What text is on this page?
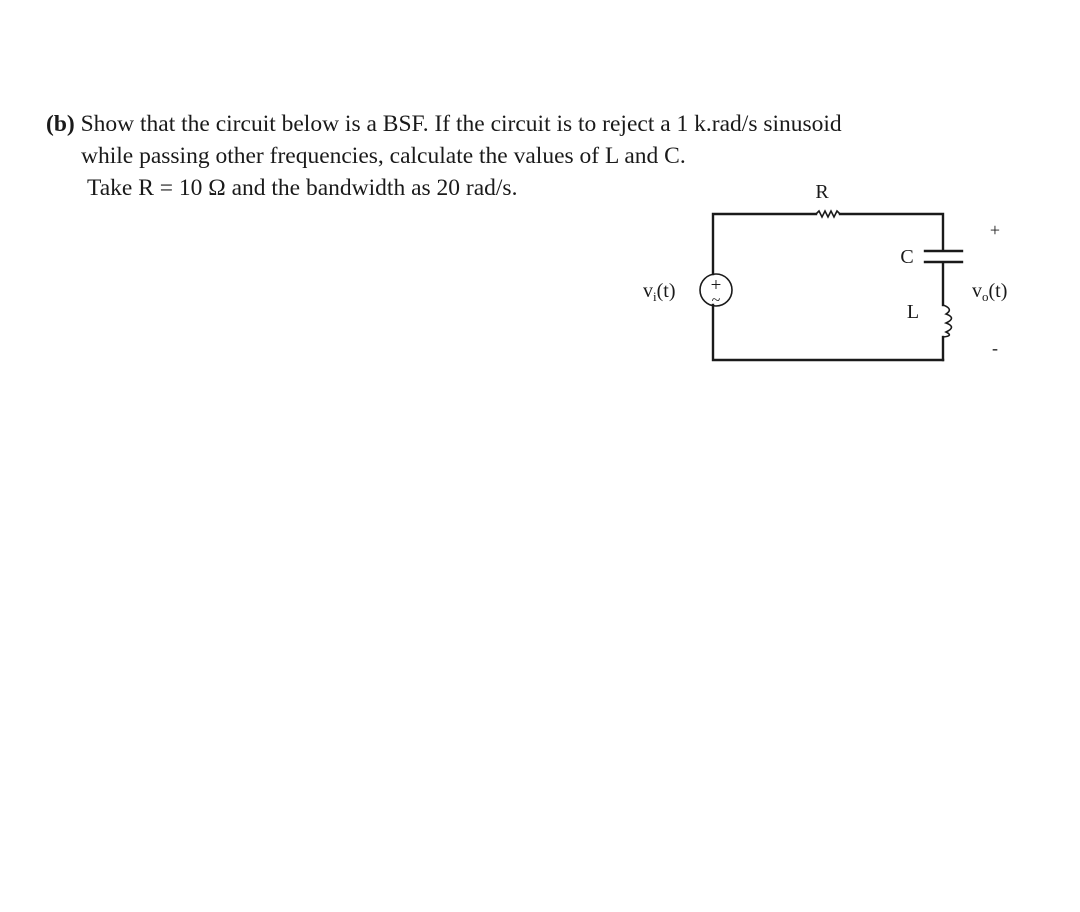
(b) Show that the circuit below is a BSF. If the circuit is to reject a 1 k.rad/s sinusoid
while passing other frequencies, calculate the values of L and C.
Take R = 10 Ω and the bandwidth as 20 rad/s.
+
~
R
C
L
$v_i(t)$	$v_o(t)$
+
-
